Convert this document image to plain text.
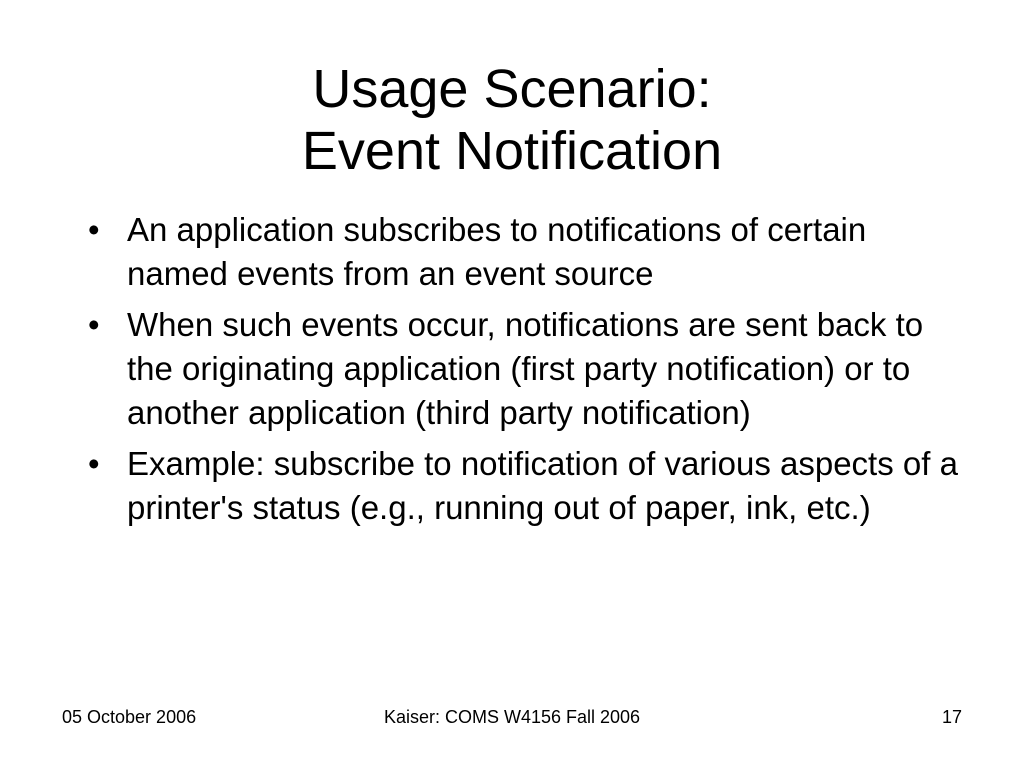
Usage Scenario:
Event Notification
• An application subscribes to notifications of certain named events from an event source
• When such events occur, notifications are sent back to the originating application (first party notification) or to another application (third party notification)
• Example: subscribe to notification of various aspects of a printer's status (e.g., running out of paper, ink, etc.)
Kaiser: COMS W4156 Fall 2006
05 October 2006	17
